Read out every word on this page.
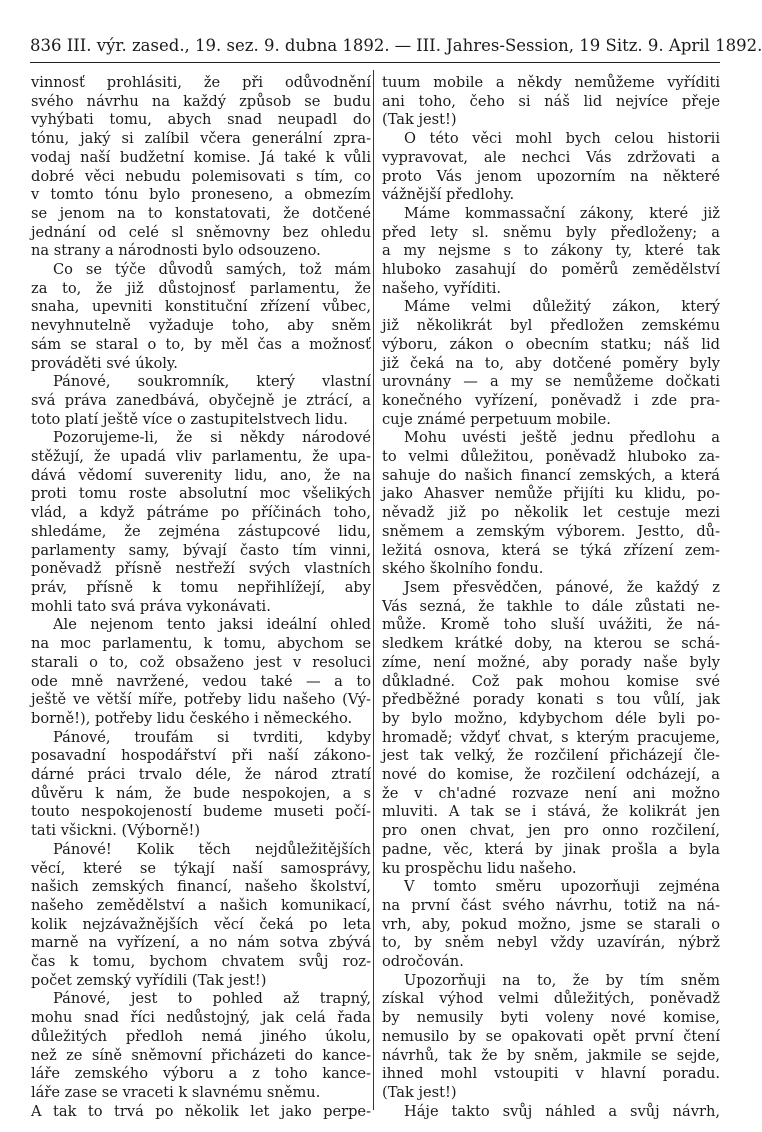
836 III. výr. zased., 19. sez. 9. dubna 1892. — III. Jahres-Session, 19 Sitz. 9. April 1892.
vinnosť prohlásiti, že při odůvodnění
svého návrhu na každý způsob se budu
vyhýbati tomu, abych snad neupadl do
tónu, jaký si zalíbil včera generální zpra-
vodaj naší budžetní komise. Já také k vůli
dobré věci nebudu polemisovati s tím, co
v tomto tónu bylo proneseno, a obmezím
se jenom na to konstatovati, že dotčené
jednání od celé sl sněmovny bez ohledu
na strany a národnosti bylo odsouzeno.
Co se týče důvodů samých, tož mám
za to, že již důstojnosť parlamentu, že
snaha, upevniti konstituční zřízení vůbec,
nevyhnutelně vyžaduje toho, aby sněm
sám se staral o to, by měl čas a možnosť
prováděti své úkoly.
Pánové, soukromník, který vlastní
svá práva zanedbává, obyčejně je ztrácí, a
toto platí ještě více o zastupitelstvech lidu.
Pozorujeme-li, že si někdy národové
stěžují, že upadá vliv parlamentu, že upa-
dává vědomí suverenity lidu, ano, že na
proti tomu roste absolutní moc všelikých
vlád, a když pátráme po příčinách toho,
shledáme, že zejména zástupcové lidu,
parlamenty samy, bývají často tím vinni,
poněvadž přísně nestřeží svých vlastních
práv, přísně k tomu nepřihlížejí, aby
mohli tato svá práva vykonávati.
Ale nejenom tento jaksi ideální ohled
na moc parlamentu, k tomu, abychom se
starali o to, což obsaženo jest v resoluci
ode mně navržené, vedou také — a to
ještě ve větší míře, potřeby lidu našeho (Vý-
borně!), potřeby lidu českého i německého.
Pánové, troufám si tvrditi, kdyby
posavadní hospodářství při naší zákono-
dárné práci trvalo déle, že národ ztratí
důvěru k nám, že bude nespokojen, a s
touto nespokojeností budeme museti počí-
tati všickni. (Výborně!)
Pánové! Kolik těch nejdůležitějších
věcí, které se týkají naší samosprávy,
našich zemských financí, našeho školství,
našeho zemědělství a našich komunikací,
kolik nejzávažnějších věcí čeká po leta
marně na vyřízení, a no nám sotva zbývá
čas k tomu, bychom chvatem svůj roz-
počet zemský vyřídili (Tak jest!)
Pánové, jest to pohled až trapný,
mohu snad říci nedůstojný, jak celá řada
důležitých předloh nemá jiného úkolu,
než ze síně sněmovní přicházeti do kance-
láře zemského výboru a z toho kance-
láře zase se vraceti k slavnému sněmu.
A tak to trvá po několik let jako perpe-
tuum mobile a někdy nemůžeme vyříditi
ani toho, čeho si náš lid nejvíce přeje
(Tak jest!)
O této věci mohl bych celou historii
vypravovat, ale nechci Vás zdržovati a
proto Vás jenom upozorním na některé
vážnější předlohy.
Máme kommassační zákony, které již
před lety sl. sněmu byly předloženy; a
a my nejsme s to zákony ty, které tak
hluboko zasahují do poměrů zemědělství
našeho, vyříditi.
Máme velmi důležitý zákon, který
již několikrát byl předložen zemskému
výboru, zákon o obecním statku; náš lid
již čeká na to, aby dotčené poměry byly
urovnány — a my se nemůžeme dočkati
konečného vyřízení, poněvadž i zde pra-
cuje známé perpetuum mobile.
Mohu uvésti ještě jednu předlohu a
to velmi důležitou, poněvadž hluboko za-
sahuje do našich financí zemských, a která
jako Ahasver nemůže přijíti ku klidu, po-
něvadž již po několik let cestuje mezi
sněmem a zemským výborem. Jestto, dů-
ležitá osnova, která se týká zřízení zem-
ského školního fondu.
Jsem přesvědčen, pánové, že každý z
Vás sezná, že takhle to dále zůstati ne-
může. Kromě toho sluší uvážiti, že ná-
sledkem krátké doby, na kterou se schá-
zíme, není možné, aby porady naše byly
důkladné. Což pak mohou komise své
předběžné porady konati s tou vůlí, jak
by bylo možno, kdybychom déle byli po-
hromadě; vždyť chvat, s kterým pracujeme,
jest tak velký, že rozčilení přicházejí čle-
nové do komise, že rozčilení odcházejí, a
že v ch'adné rozvaze není ani možno
mluviti. A tak se i stává, že kolikrát jen
pro onen chvat, jen pro onno rozčilení,
padne, věc, která by jinak prošla a byla
ku prospěchu lidu našeho.
V tomto směru upozorňuji zejména
na první část svého návrhu, totiž na ná-
vrh, aby, pokud možno, jsme se starali o
to, by sněm nebyl vždy uzavírán, nýbrž
odročován.
Upozorňuji na to, že by tím sněm
získal výhod velmi důležitých, poněvadž
by nemusily byti voleny nové komise,
nemusilo by se opakovati opět první čtení
návrhů, tak že by sněm, jakmile se sejde,
ihned mohl vstoupiti v hlavní poradu.
(Tak jest!)
Háje takto svůj náhled a svůj návrh,
